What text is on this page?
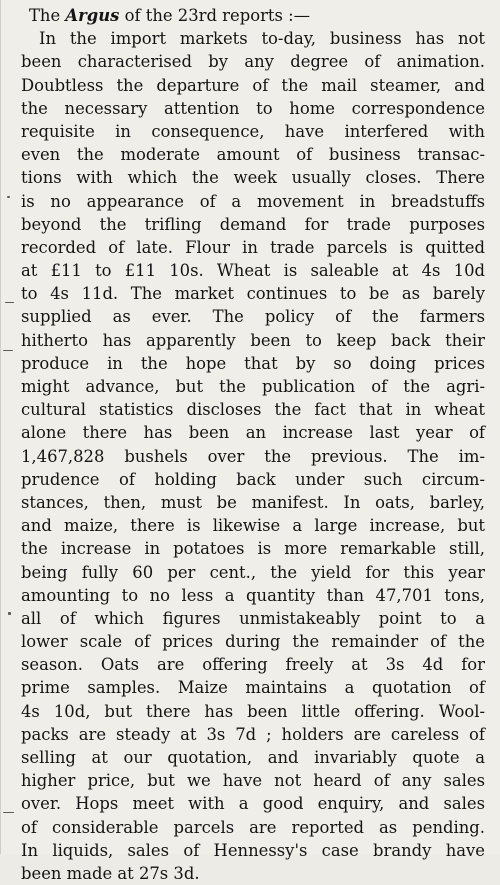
The Argus of the 23rd reports :—
In the import markets to-day, business has not
been characterised by any degree of animation.
Doubtless the departure of the mail steamer, and
the necessary attention to home correspondence
requisite in consequence, have interfered with
even the moderate amount of business transac-
tions with which the week usually closes. There
is no appearance of a movement in breadstuffs
beyond the trifling demand for trade purposes
recorded of late. Flour in trade parcels is quitted
at £11 to £11 10s. Wheat is saleable at 4s 10d
to 4s 11d. The market continues to be as barely
supplied as ever. The policy of the farmers
hitherto has apparently been to keep back their
produce in the hope that by so doing prices
might advance, but the publication of the agri-
cultural statistics discloses the fact that in wheat
alone there has been an increase last year of
1,467,828 bushels over the previous. The im-
prudence of holding back under such circum-
stances, then, must be manifest. In oats, barley,
and maize, there is likewise a large increase, but
the increase in potatoes is more remarkable still,
being fully 60 per cent., the yield for this year
amounting to no less a quantity than 47,701 tons,
all of which figures unmistakeably point to a
lower scale of prices during the remainder of the
season. Oats are offering freely at 3s 4d for
prime samples. Maize maintains a quotation of
4s 10d, but there has been little offering. Wool-
packs are steady at 3s 7d ; holders are careless of
selling at our quotation, and invariably quote a
higher price, but we have not heard of any sales
over. Hops meet with a good enquiry, and sales
of considerable parcels are reported as pending.
In liquids, sales of Hennessy's case brandy have
been made at 27s 3d.
